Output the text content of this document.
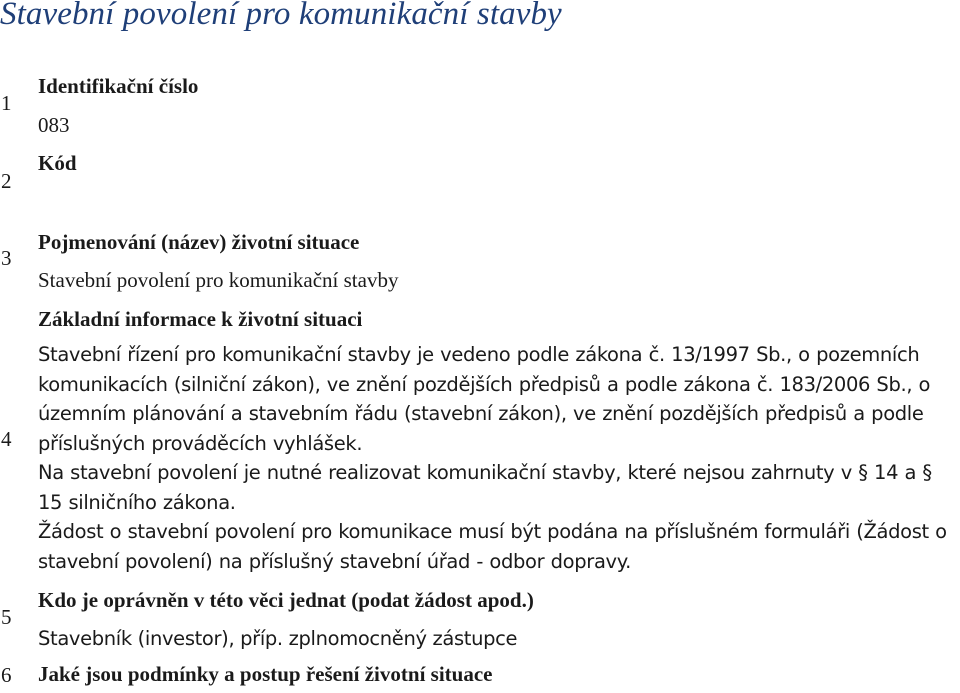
Stavební povolení pro komunikační stavby
1
Identifikační číslo
083
2
Kód
3
Pojmenování (název) životní situace
Stavební povolení pro komunikační stavby
4
Základní informace k životní situaci

Stavební řízení pro komunikační stavby je vedeno podle zákona č. 13/1997 Sb., o pozemních komunikacích (silniční zákon), ve znění pozdějších předpisů a podle zákona č. 183/2006 Sb., o územním plánování a stavebním řádu (stavební zákon), ve znění pozdějších předpisů a podle příslušných prováděcích vyhlášek.

Na stavební povolení je nutné realizovat komunikační stavby, které nejsou zahrnuty v § 14 a § 15 silničního zákona.

Žádost o stavební povolení pro komunikace musí být podána na příslušném formuláři (Žádost o stavební povolení) na příslušný stavební úřad - odbor dopravy.

5
Kdo je oprávněn v této věci jednat (podat žádost apod.)
Stavebník (investor), příp. zplnomocněný zástupce
6 Jaké jsou podmínky a postup řešení životní situace
